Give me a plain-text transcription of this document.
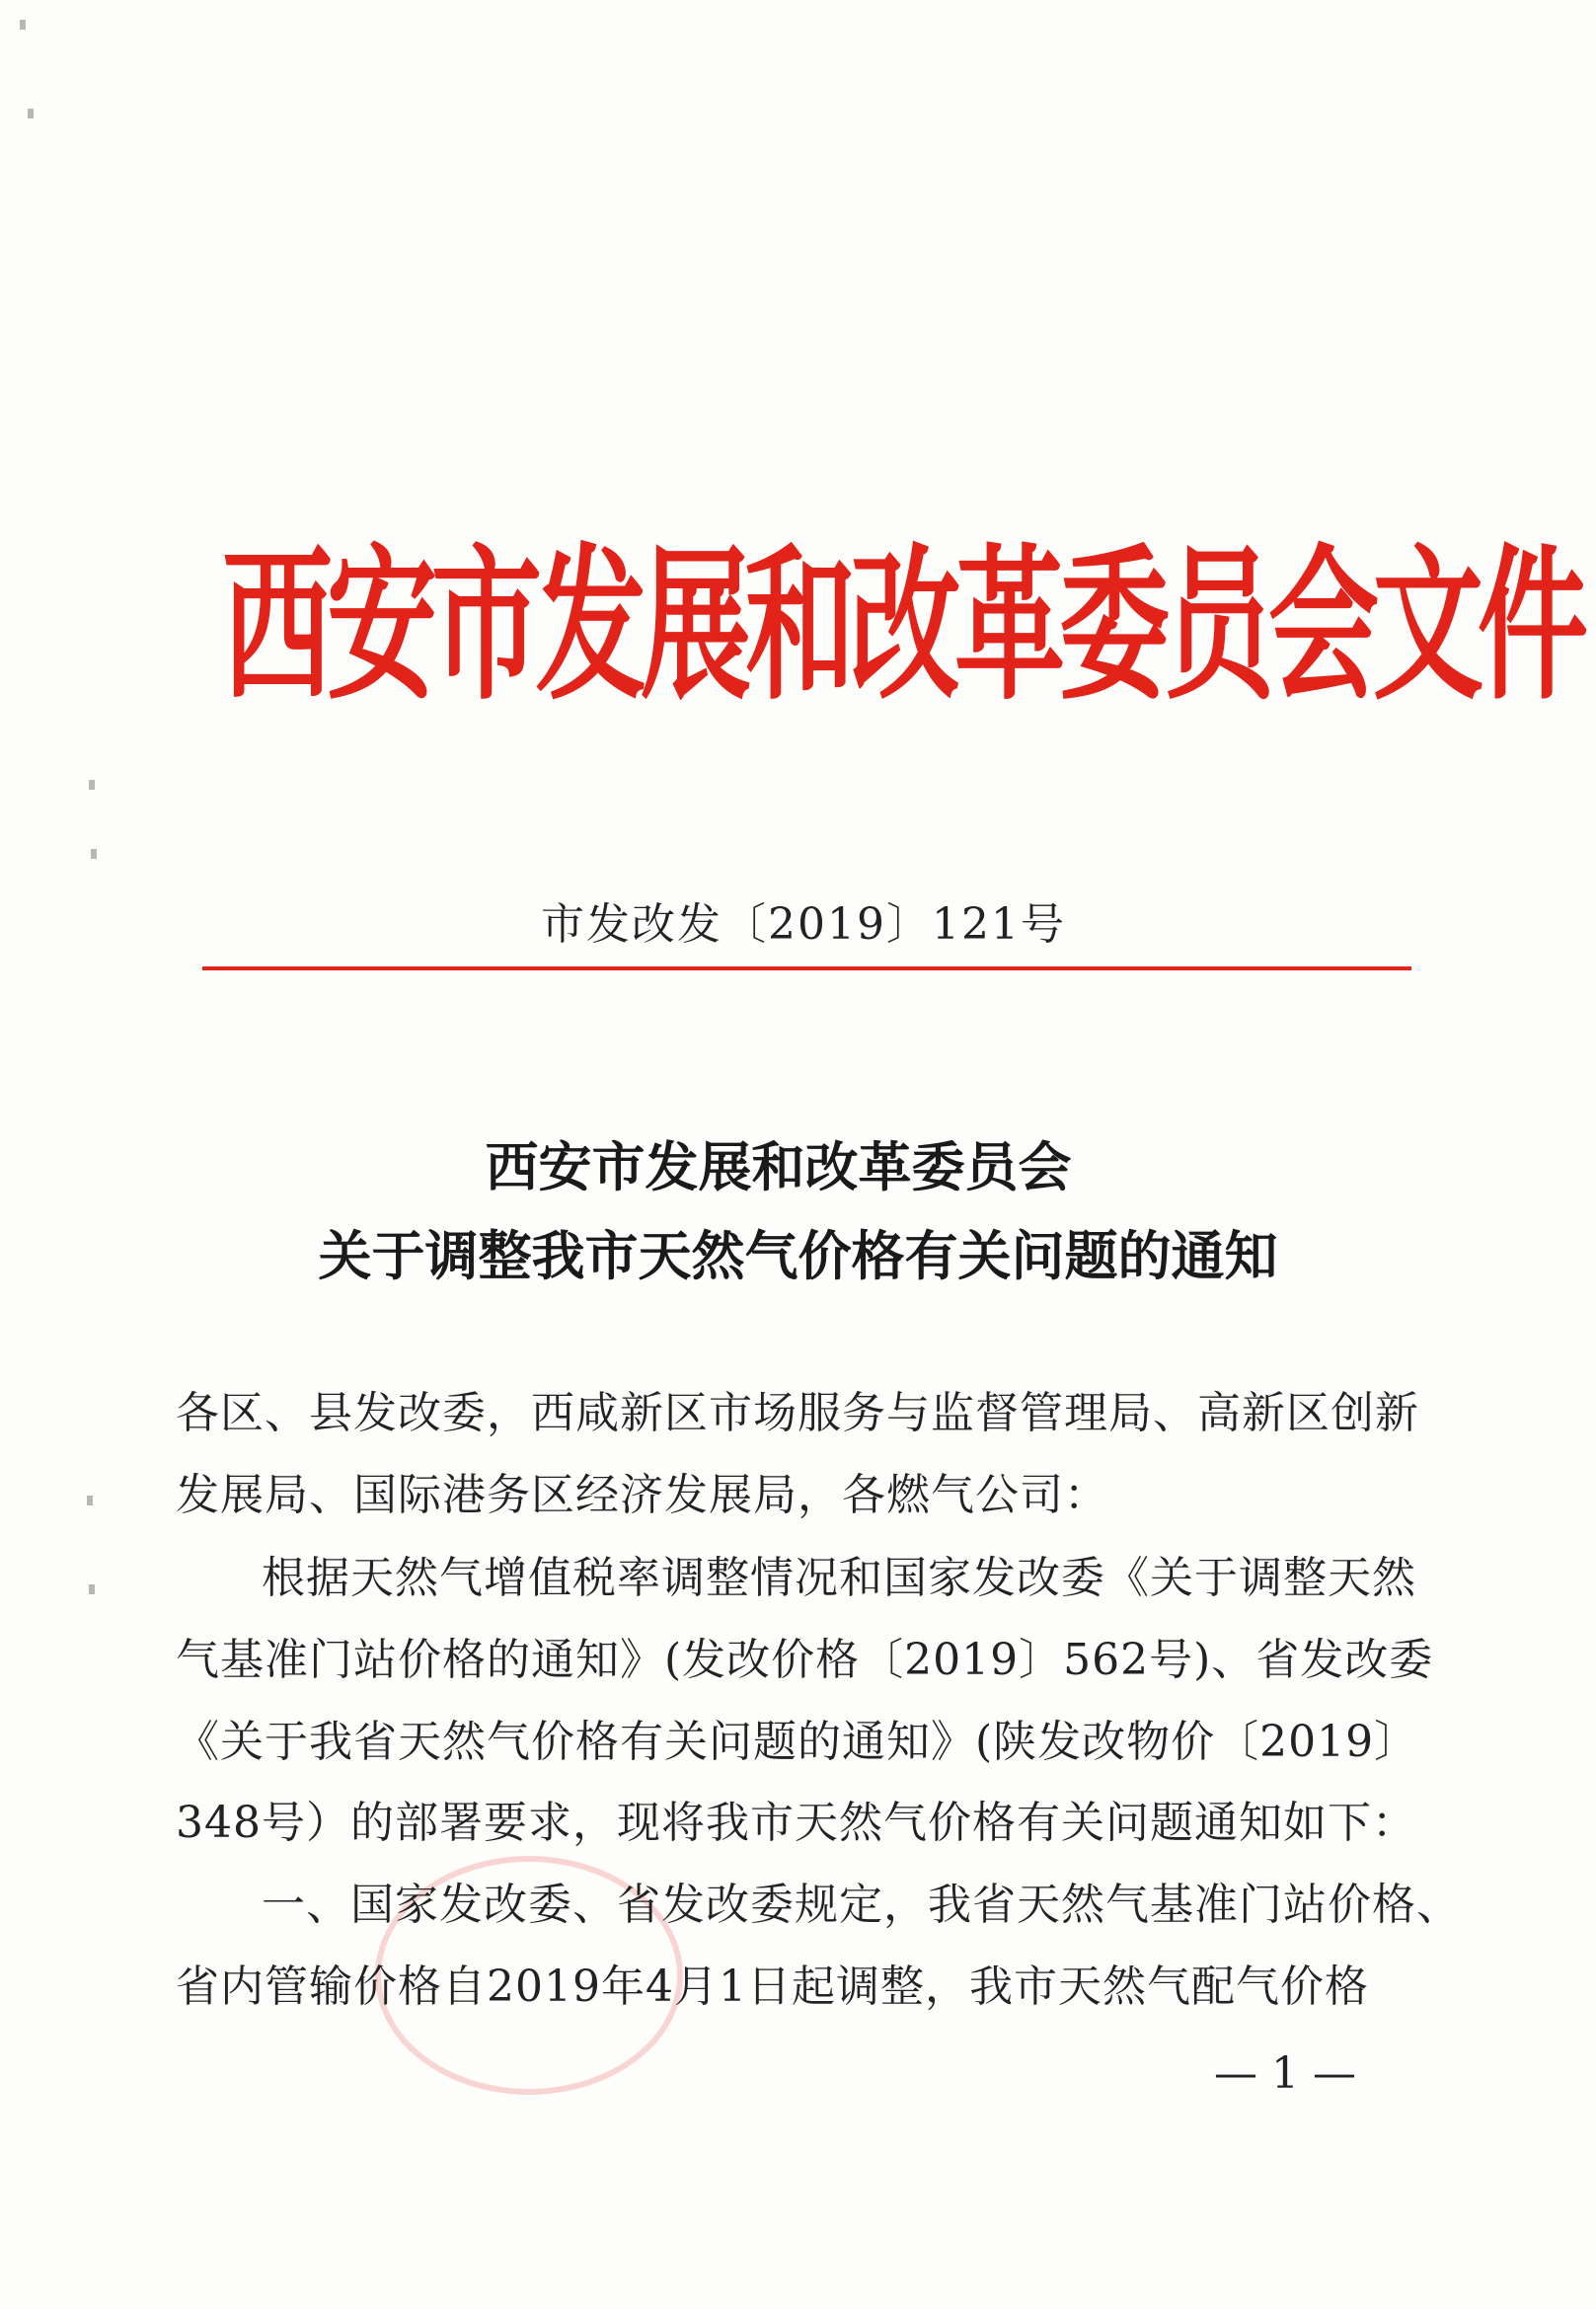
西安市发展和改革委员会文件
市发改发〔2019〕121号
西安市发展和改革委员会
关于调整我市天然气价格有关问题的通知
各区、县发改委，西咸新区市场服务与监督管理局、高新区创新
发展局、国际港务区经济发展局，各燃气公司：
根据天然气增值税率调整情况和国家发改委《关于调整天然
气基准门站价格的通知》(发改价格〔2019〕562号)、省发改委
《关于我省天然气价格有关问题的通知》(陕发改物价〔2019〕
348号）的部署要求，现将我市天然气价格有关问题通知如下：
一、国家发改委、省发改委规定，我省天然气基准门站价格、
省内管输价格自2019年4月1日起调整，我市天然气配气价格
— 1 —
